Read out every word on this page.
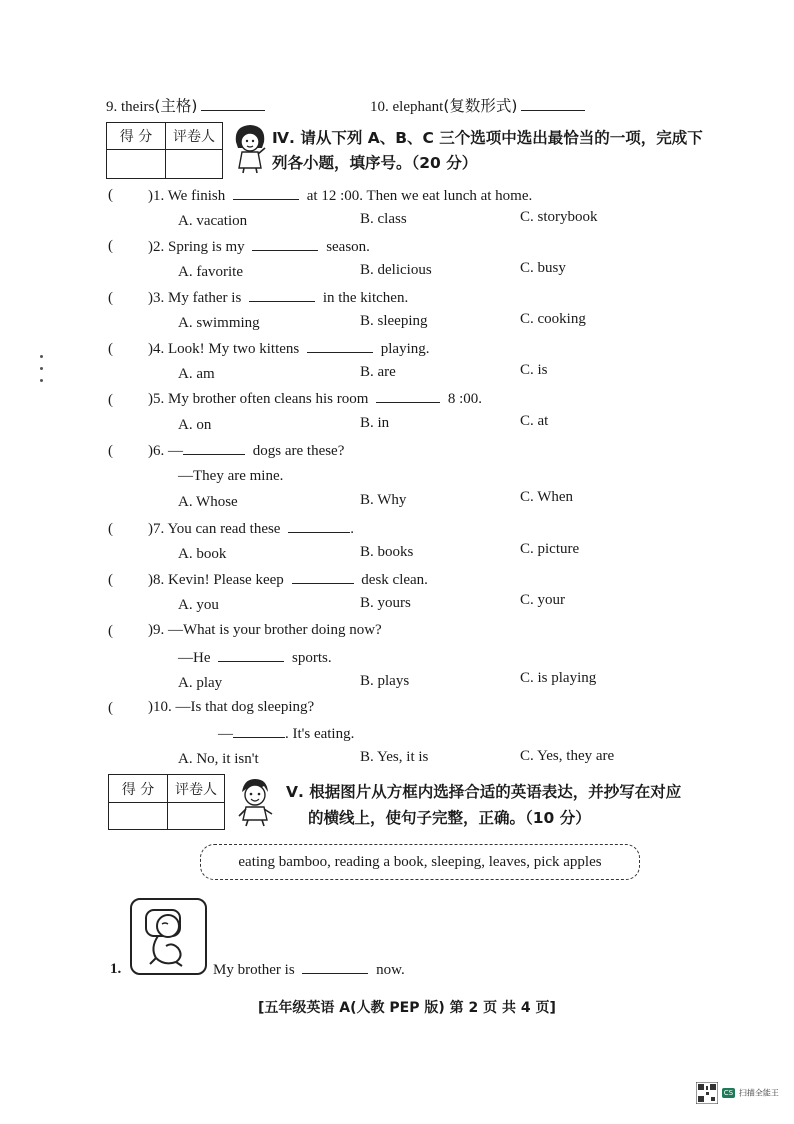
9. theirs(主格)	10. elephant(复数形式)
得 分	评卷人
		Ⅳ. 请从下列 A、B、C 三个选项中选出最恰当的一项，完成下
列各小题，填序号。（20 分）
( )1. We finish	at 12 :00. Then we eat lunch at home.
A. vacation	B. class	C. storybook
( )2. Spring is my	season.
A. favorite	B. delicious	C. busy
( )3. My father is	in the kitchen.
A. swimming	B. sleeping	C. cooking
( )4. Look! My two kittens	playing.
A. am	B. are	C. is
( )5. My brother often cleans his room	8 :00.
A. on	B. in	C. at
( )6. —	dogs are these?
—They are mine.
A. Whose	B. Why	C. When
( )7. You can read these	.
A. book	B. books	C. picture
( )8. Kevin! Please keep	desk clean.
A. you	B. yours	C. your
( )9. —What is your brother doing now?
—He	sports.
A. play	B. plays	C. is playing
( )10. —Is that dog sleeping?
—	. It's eating.
A. No, it isn't	B. Yes, it is	C. Yes, they are
得 分	评卷人
		Ⅴ. 根据图片从方框内选择合适的英语表达，并抄写在对应
的横线上，使句子完整，正确。（10 分）
eating bamboo, reading a book, sleeping, leaves, pick apples
1.	My brother is	now.
[五年级英语 A(人教 PEP 版) 第 2 页 共 4 页]
CS 扫描全能王
